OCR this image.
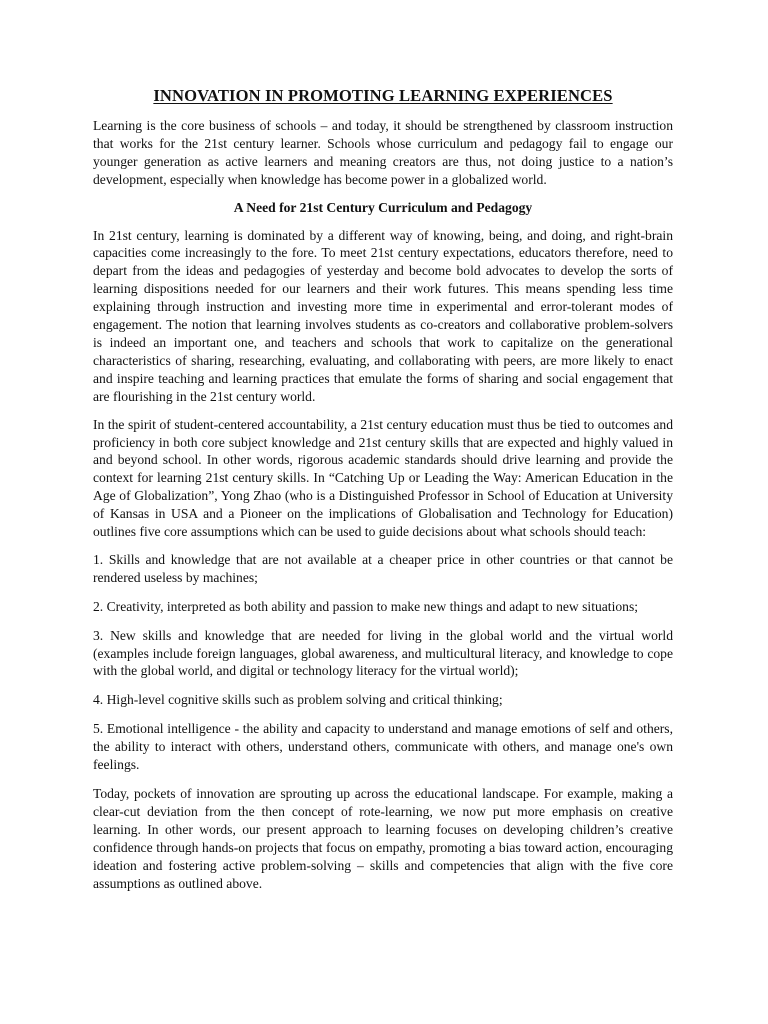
INNOVATION IN PROMOTING LEARNING EXPERIENCES

Learning is the core business of schools – and today, it should be strengthened by classroom instruction that works for the 21st century learner. Schools whose curriculum and pedagogy fail to engage our younger generation as active learners and meaning creators are thus, not doing justice to a nation’s development, especially when knowledge has become power in a globalized world.

A Need for 21st Century Curriculum and Pedagogy

In 21st century, learning is dominated by a different way of knowing, being, and doing, and right-brain capacities come increasingly to the fore. To meet 21st century expectations, educators therefore, need to depart from the ideas and pedagogies of yesterday and become bold advocates to develop the sorts of learning dispositions needed for our learners and their work futures. This means spending less time explaining through instruction and investing more time in experimental and error-tolerant modes of engagement. The notion that learning involves students as co-creators and collaborative problem-solvers is indeed an important one, and teachers and schools that work to capitalize on the generational characteristics of sharing, researching, evaluating, and collaborating with peers, are more likely to enact and inspire teaching and learning practices that emulate the forms of sharing and social engagement that are flourishing in the 21st century world.

In the spirit of student-centered accountability, a 21st century education must thus be tied to outcomes and proficiency in both core subject knowledge and 21st century skills that are expected and highly valued in and beyond school. In other words, rigorous academic standards should drive learning and provide the context for learning 21st century skills. In “Catching Up or Leading the Way: American Education in the Age of Globalization”, Yong Zhao (who is a Distinguished Professor in School of Education at University of Kansas in USA and a Pioneer on the implications of Globalisation and Technology for Education) outlines five core assumptions which can be used to guide decisions about what schools should teach:

1. Skills and knowledge that are not available at a cheaper price in other countries or that cannot be rendered useless by machines;
2. Creativity, interpreted as both ability and passion to make new things and adapt to new situations;
3. New skills and knowledge that are needed for living in the global world and the virtual world (examples include foreign languages, global awareness, and multicultural literacy, and knowledge to cope with the global world, and digital or technology literacy for the virtual world);
4. High-level cognitive skills such as problem solving and critical thinking;
5. Emotional intelligence - the ability and capacity to understand and manage emotions of self and others, the ability to interact with others, understand others, communicate with others, and manage one's own feelings.

Today, pockets of innovation are sprouting up across the educational landscape. For example, making a clear-cut deviation from the then concept of rote-learning, we now put more emphasis on creative learning. In other words, our present approach to learning focuses on developing children’s creative confidence through hands-on projects that focus on empathy, promoting a bias toward action, encouraging ideation and fostering active problem-solving – skills and competencies that align with the five core assumptions as outlined above.
